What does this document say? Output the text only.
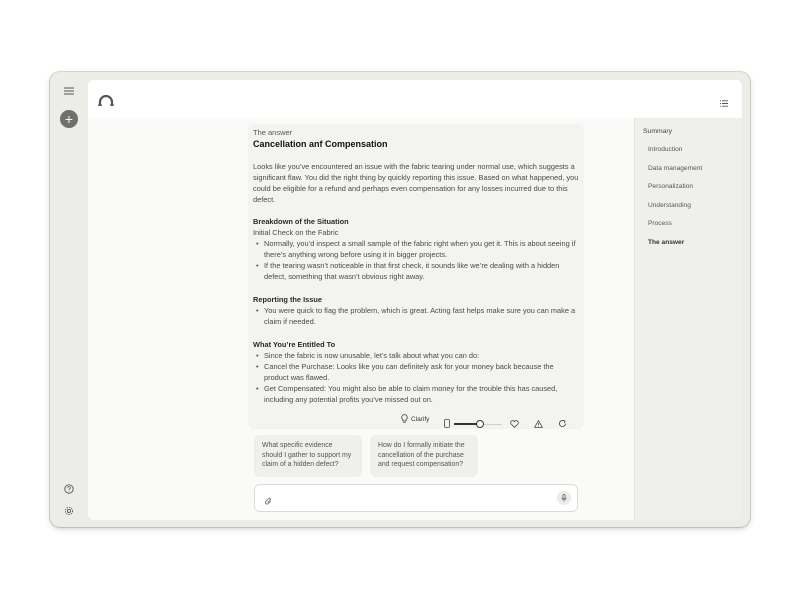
+
The answer
Cancellation anf Compensation
Looks like you’ve encountered an issue with the fabric tearing under normal use, which suggests a significant flaw. You did the right thing by quickly reporting this issue. Based on what happened, you could be eligible for a refund and perhaps even compensation for any losses incurred due to this defect.
Breakdown of the Situation
Initial Check on the Fabric
• Normally, you’d inspect a small sample of the fabric right when you get it. This is about seeing if there’s anything wrong before using it in bigger projects.
• If the tearing wasn’t noticeable in that first check, it sounds like we’re dealing with a hidden defect, something that wasn’t obvious right away.
Reporting the Issue
• You were quick to flag the problem, which is great. Acting fast helps make sure you can make a claim if needed.
What You’re Entitled To
• Since the fabric is now unusable, let’s talk about what you can do:
• Cancel the Purchase: Looks like you can definitely ask for your money back because the product was flawed.
• Get Compensated: You might also be able to claim money for the trouble this has caused, including any potential profits you’ve missed out on.
Clarify
What specific evidence should I gather to support my claim of a hidden defect?
How do I formally initiate the cancellation of the purchase and request compensation?
Summary
Introduction
Data management
Personalization
Understanding
Process
The answer
